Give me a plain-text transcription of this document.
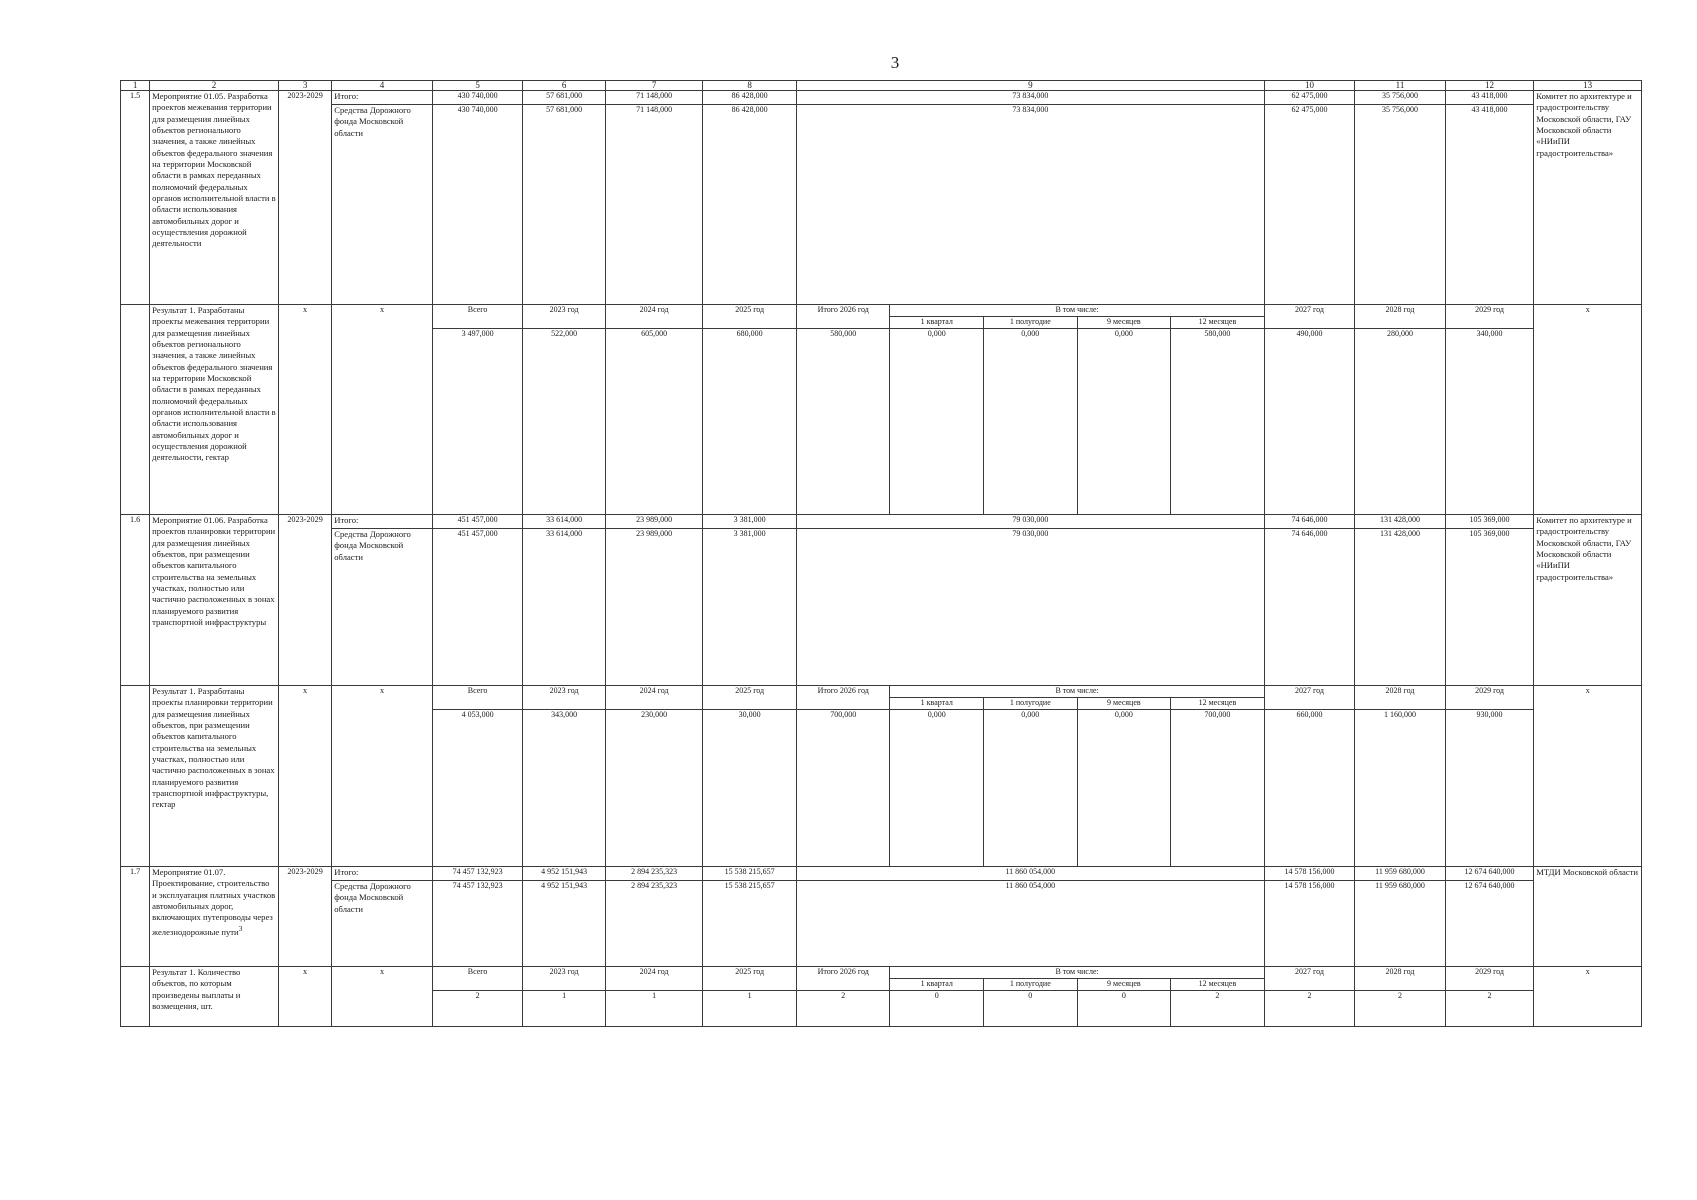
3
1	2	3	4	5	6	7	8	9					10	11	12	13
1.5	Мероприятие 01.05. Разработка проектов межевания территории для размещения линейных объектов регионального значения, а также линейных объектов федерального значения на территории Московской области в рамках переданных полномочий федеральных органов исполнительной власти в области использования автомобильных дорог и осуществления дорожной деятельности	2023-2029	Итого:	430 740,000	57 681,000	71 148,000	86 428,000	73 834,000					62 475,000	35 756,000	43 418,000	Комитет по архитектуре и градостроительству Московской области, ГАУ Московской области «НИиПИ градостроительства»
			Средства Дорожного фонда Московской области	430 740,000	57 681,000	71 148,000	86 428,000	73 834,000					62 475,000	35 756,000	43 418,000	
	Результат 1. Разработаны проекты межевания территории для размещения линейных объектов регионального значения, а также линейных объектов федерального значения на территории Московской области в рамках переданных полномочий федеральных органов исполнительной власти в области использования автомобильных дорог и осуществления дорожной деятельности, гектар	x	x	Всего	2023 год	2024 год	2025 год	Итого 2026 год	В том числе:				2027 год	2028 год	2029 год	x
									1 квартал	1 полугодие	9 месяцев	12 месяцев				
				3 497,000	522,000	605,000	680,000	580,000	0,000	0,000	0,000	580,000	490,000	280,000	340,000	
1.6	Мероприятие 01.06. Разработка проектов планировки территории для размещения линейных объектов, при размещении объектов капитального строительства на земельных участках, полностью или частично расположенных в зонах планируемого развития транспортной инфраструктуры	2023-2029	Итого:	451 457,000	33 614,000	23 989,000	3 381,000	79 030,000					74 646,000	131 428,000	105 369,000	Комитет по архитектуре и градостроительству Московской области, ГАУ Московской области «НИиПИ градостроительства»
			Средства Дорожного фонда Московской области	451 457,000	33 614,000	23 989,000	3 381,000	79 030,000					74 646,000	131 428,000	105 369,000	
	Результат 1. Разработаны проекты планировки территории для размещения линейных объектов, при размещении объектов капитального строительства на земельных участках, полностью или частично расположенных в зонах планируемого развития транспортной инфраструктуры, гектар	x	x	Всего	2023 год	2024 год	2025 год	Итого 2026 год	В том числе:				2027 год	2028 год	2029 год	x
									1 квартал	1 полугодие	9 месяцев	12 месяцев				
				4 053,000	343,000	230,000	30,000	700,000	0,000	0,000	0,000	700,000	660,000	1 160,000	930,000	
1.7	Мероприятие 01.07. Проектирование, строительство и эксплуатация платных участков автомобильных дорог, включающих путепроводы через железнодорожные пути$^3$	2023-2029	Итого:	74 457 132,923	4 952 151,943	2 894 235,323	15 538 215,657	11 860 054,000					14 578 156,000	11 959 680,000	12 674 640,000	МТДИ Московской области
			Средства Дорожного фонда Московской области	74 457 132,923	4 952 151,943	2 894 235,323	15 538 215,657	11 860 054,000					14 578 156,000	11 959 680,000	12 674 640,000	
	Результат 1. Количество объектов, по которым произведены выплаты и возмещения, шт.	x	x	Всего	2023 год	2024 год	2025 год	Итого 2026 год	В том числе:				2027 год	2028 год	2029 год	x
									1 квартал	1 полугодие	9 месяцев	12 месяцев				
				2	1	1	1	2	0	0	0	2	2	2	2	
